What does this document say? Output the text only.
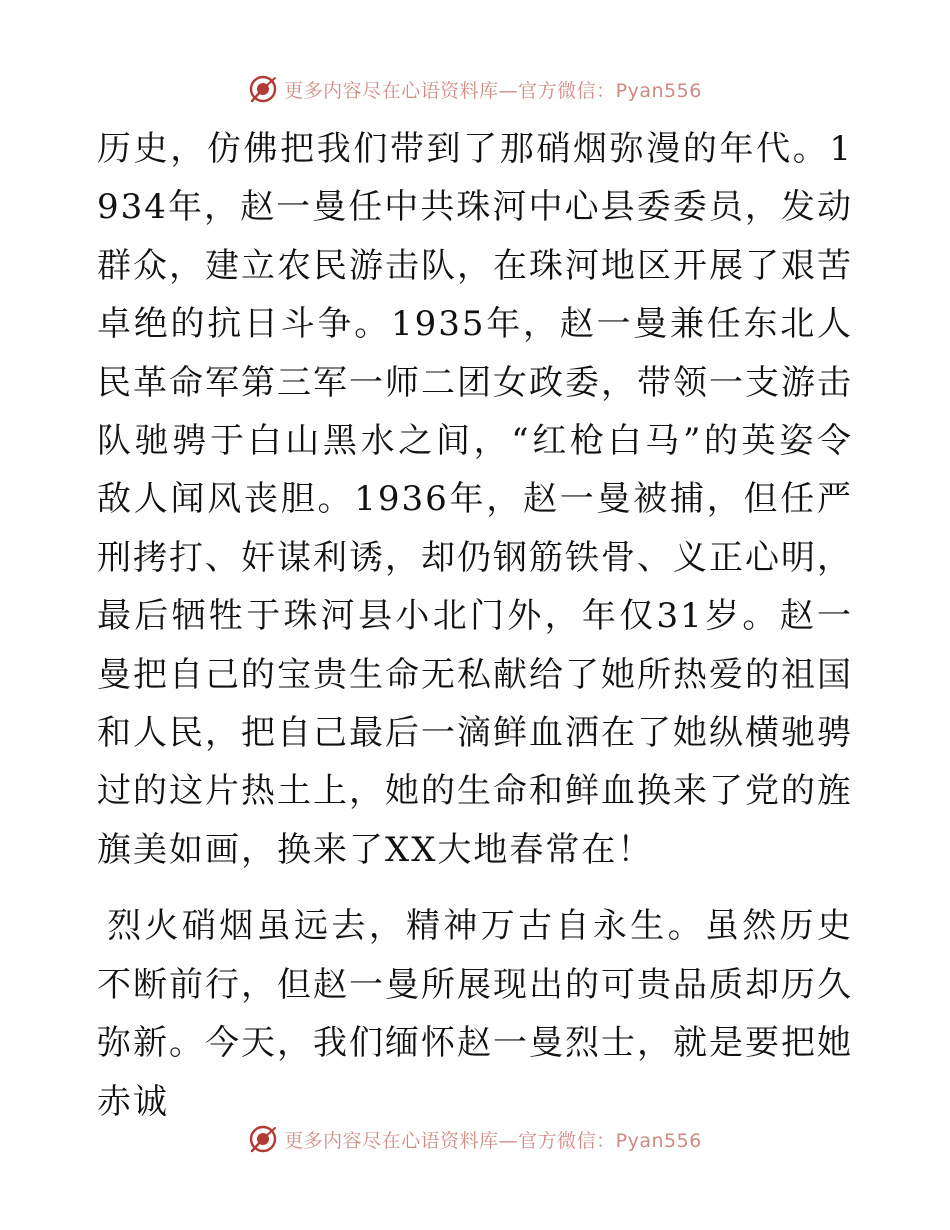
更多内容尽在心语资料库—官方微信：Pyan556

历史，仿佛把我们带到了那硝烟弥漫的年代。1934年，赵一曼任中共珠河中心县委委员，发动群众，建立农民游击队，在珠河地区开展了艰苦卓绝的抗日斗争。1935年，赵一曼兼任东北人民革命军第三军一师二团女政委，带领一支游击队驰骋于白山黑水之间，“红枪白马”的英姿令敌人闻风丧胆。1936年，赵一曼被捕，但任严刑拷打、奸谋利诱，却仍钢筋铁骨、义正心明，最后牺牲于珠河县小北门外，年仅31岁。赵一曼把自己的宝贵生命无私献给了她所热爱的祖国和人民，把自己最后一滴鲜血洒在了她纵横驰骋过的这片热土上，她的生命和鲜血换来了党的旌旗美如画，换来了XX大地春常在！

烈火硝烟虽远去，精神万古自永生。虽然历史不断前行，但赵一曼所展现出的可贵品质却历久弥新。今天，我们缅怀赵一曼烈士，就是要把她赤诚

更多内容尽在心语资料库—官方微信：Pyan556
